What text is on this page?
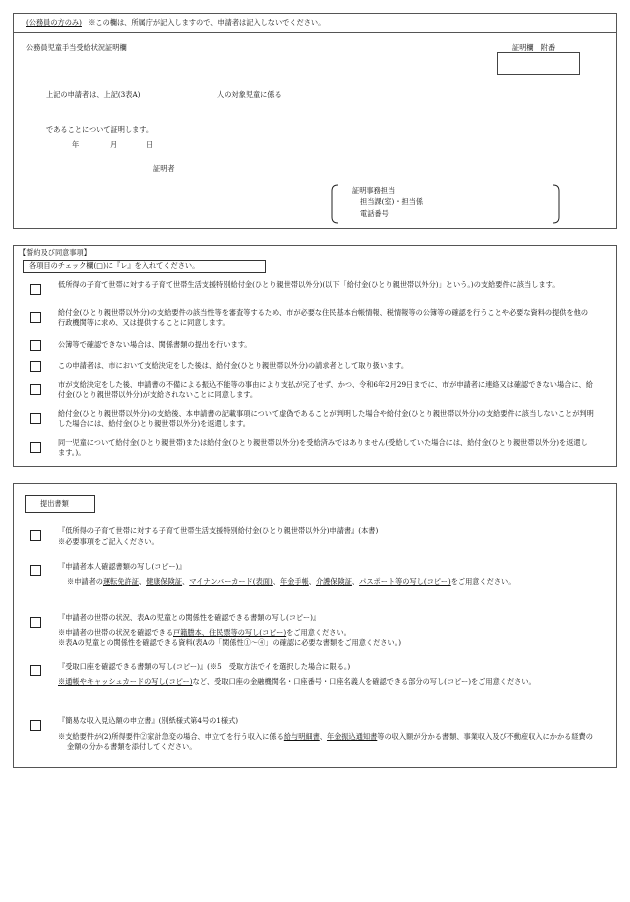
(公務員の方のみ) ※この欄は、所属庁が記入しますので、申請者は記入しないでください。
公務員児童手当受給状況証明欄	証明欄　附番
上記の申請者は、上記(3表A)	人の対象児童に係る
であることについて証明します。
年	月	日
証明者
証明事務担当
担当課(室)・担当係
電話番号
【誓約及び同意事項】
各項目のチェック欄(□)に『レ』を入れてください。
低所得の子育て世帯に対する子育て世帯生活支援特別給付金(ひとり親世帯以外分)(以下「給付金(ひとり親世帯以外分)」という。)の支給要件に該当します。
給付金(ひとり親世帯以外分)の支給要件の該当性等を審査等するため、市が必要な住民基本台帳情報、税情報等の公簿等の確認を行うことや必要な資料の提供を他の行政機関等に求め、又は提供することに同意します。
公簿等で確認できない場合は、関係書類の提出を行います。
この申請者は、市において支給決定をした後は、給付金(ひとり親世帯以外分)の請求者として取り扱います。
市が支給決定をした後、申請書の不備による振込不能等の事由により支払が完了せず、かつ、令和6年2月29日までに、市が申請者に連絡又は確認できない場合に、給付金(ひとり親世帯以外分)が支給されないことに同意します。
給付金(ひとり親世帯以外分)の支給後、本申請書の記載事項について虚偽であることが判明した場合や給付金(ひとり親世帯以外分)の支給要件に該当しないことが判明した場合には、給付金(ひとり親世帯以外分)を返還します。
同一児童について給付金(ひとり親世帯)または給付金(ひとり親世帯以外分)を受給済みではありません(受給していた場合には、給付金(ひとり親世帯以外分)を返還します。)。
提出書類
『低所得の子育て世帯に対する子育て世帯生活支援特別給付金(ひとり親世帯以外分)申請書』(本書)
※必要事項をご記入ください。
『申請者本人確認書類の写し(コピー)』
※申請者の運転免許証、健康保険証、マイナンバーカード(表面)、年金手帳、介護保険証、パスポート等の写し(コピー)をご用意ください。
『申請者の世帯の状況、表Aの児童との関係性を確認できる書類の写し(コピー)』
※申請者の世帯の状況を確認できる戸籍謄本、住民票等の写し(コピー)をご用意ください。
※表Aの児童との関係性を確認できる資料(表Aの「関係性①～④」の確認に必要な書類をご用意ください。)
『受取口座を確認できる書類の写し(コピー)』(※5　受取方法でイを選択した場合に限る。)
※通帳やキャッシュカードの写し(コピー)など、受取口座の金融機関名・口座番号・口座名義人を確認できる部分の写し(コピー)をご用意ください。
『簡易な収入見込額の申立書』(別紙様式第4号の1様式)
※支給要件が(2)所得要件②家計急変の場合、申立てを行う収入に係る給与明細書、年金振込通知書等の収入額が分かる書類、事業収入及び不動産収入にかかる経費の金額の分かる書類を添付してください。
